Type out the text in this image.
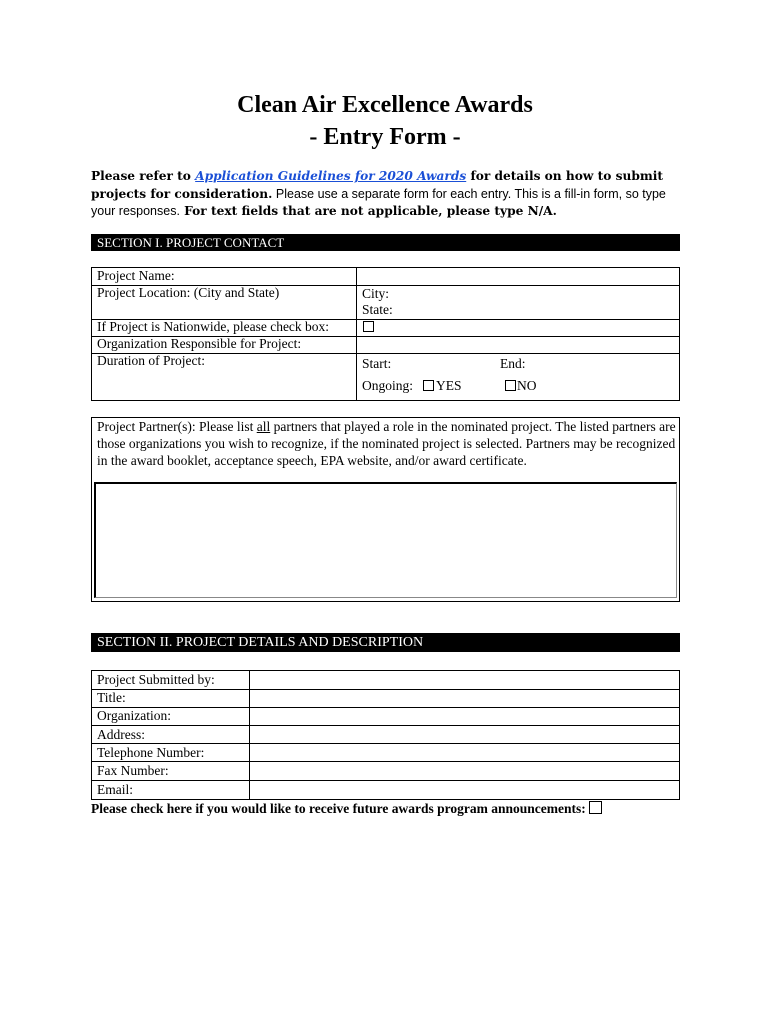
Clean Air Excellence Awards
- Entry Form -
Please refer to Application Guidelines for 2020 Awards for details on how to submit projects for consideration. Please use a separate form for each entry. This is a fill-in form, so type your responses. For text fields that are not applicable, please type N/A.
SECTION I. PROJECT CONTACT
Project Name:
Project Location: (City and State)	City:
State:
If Project is Nationwide, please check box:
Organization Responsible for Project:
Duration of Project:	Start:	End:
Ongoing: YES	NO
Project Partner(s): Please list all partners that played a role in the nominated project. The listed partners are those organizations you wish to recognize, if the nominated project is selected. Partners may be recognized in the award booklet, acceptance speech, EPA website, and/or award certificate.
SECTION II. PROJECT DETAILS AND DESCRIPTION
Project Submitted by:
Title:
Organization:
Address:
Telephone Number:
Fax Number:
Email:
Please check here if you would like to receive future awards program announcements:
